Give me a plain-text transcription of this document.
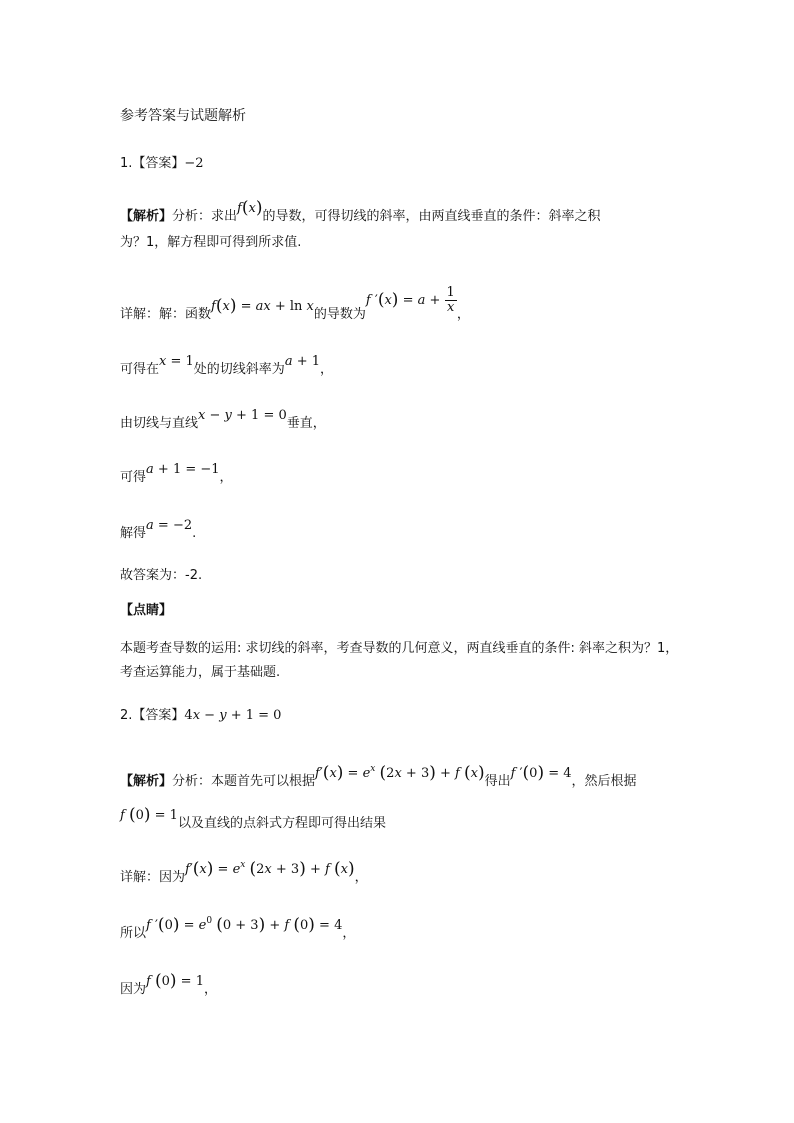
参考答案与试题解析
1.【答案】−2
【解析】分析：求出f(x)的导数，可得切线的斜率，由两直线垂直的条件：斜率之积
为？1，解方程即可得到所求值.
详解：解：函数f(x) = ax + ln x的导数为f $'(x) = a + \frac{1}{x}$ ，
可得在x = 1处的切线斜率为a + 1，
由切线与直线x − y + 1 = 0垂直，
可得a + 1 = −1，
解得a = −2.
故答案为：-2.
【点睛】
本题考查导数的运用: 求切线的斜率，考查导数的几何意义，两直线垂直的条件: 斜率之积为？1，考查运算能力，属于基础题.
2.【答案】4x − y + 1 = 0
【解析】分析：本题首先可以根据$f'(x) = e^x$ (2x + 3) + f (x)得出f ′(0) = 4，然后根据
f (0) = 1以及直线的点斜式方程即可得出结果
详解：因为$f'(x) = e^x$ (2x + 3) + f (x)，
所以f $'(0) = e^0$ (0 + 3) + f (0) = 4，
因为f (0) = 1，
